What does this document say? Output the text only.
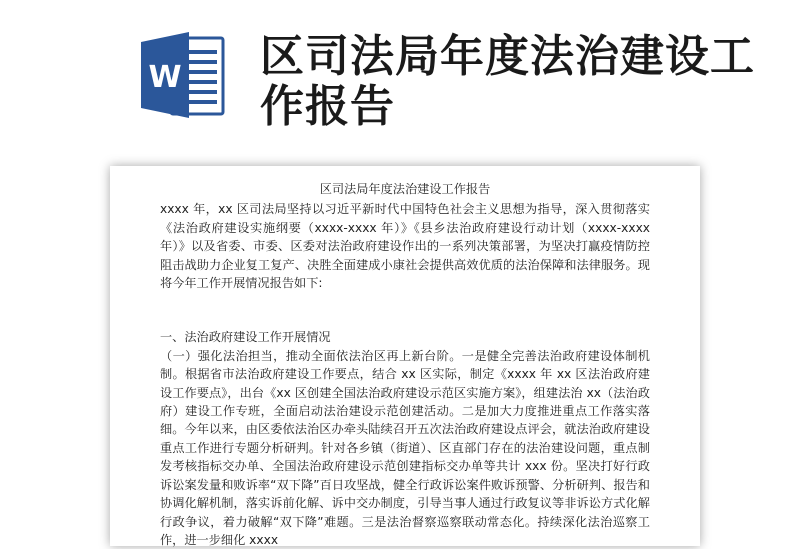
W 区司法局年度法治建设工作报告

区司法局年度法治建设工作报告

xxxx 年，xx 区司法局坚持以习近平新时代中国特色社会主义思想为指导，深入贯彻落实《法治政府建设实施纲要（xxxx-xxxx 年）》《县乡法治政府建设行动计划（xxxx-xxxx 年）》以及省委、市委、区委对法治政府建设作出的一系列决策部署，为坚决打赢疫情防控阻击战助力企业复工复产、决胜全面建成小康社会提供高效优质的法治保障和法律服务。现将今年工作开展情况报告如下:

一、法治政府建设工作开展情况

（一）强化法治担当，推动全面依法治区再上新台阶。一是健全完善法治政府建设体制机制。根据省市法治政府建设工作要点，结合 xx 区实际，制定《xxxx 年 xx 区法治政府建设工作要点》，出台《xx 区创建全国法治政府建设示范区实施方案》，组建法治 xx（法治政府）建设工作专班，全面启动法治建设示范创建活动。二是加大力度推进重点工作落实落细。今年以来，由区委依法治区办牵头陆续召开五次法治政府建设点评会，就法治政府建设重点工作进行专题分析研判。针对各乡镇（街道）、区直部门存在的法治建设问题，重点制发考核指标交办单、全国法治政府建设示范创建指标交办单等共计 xxx 份。坚决打好行政诉讼案发量和败诉率“双下降”百日攻坚战，健全行政诉讼案件败诉预警、分析研判、报告和协调化解机制，落实诉前化解、诉中交办制度，引导当事人通过行政复议等非诉讼方式化解行政争议，着力破解“双下降”难题。三是法治督察巡察联动常态化。持续深化法治巡察工作，进一步细化 xxxx
